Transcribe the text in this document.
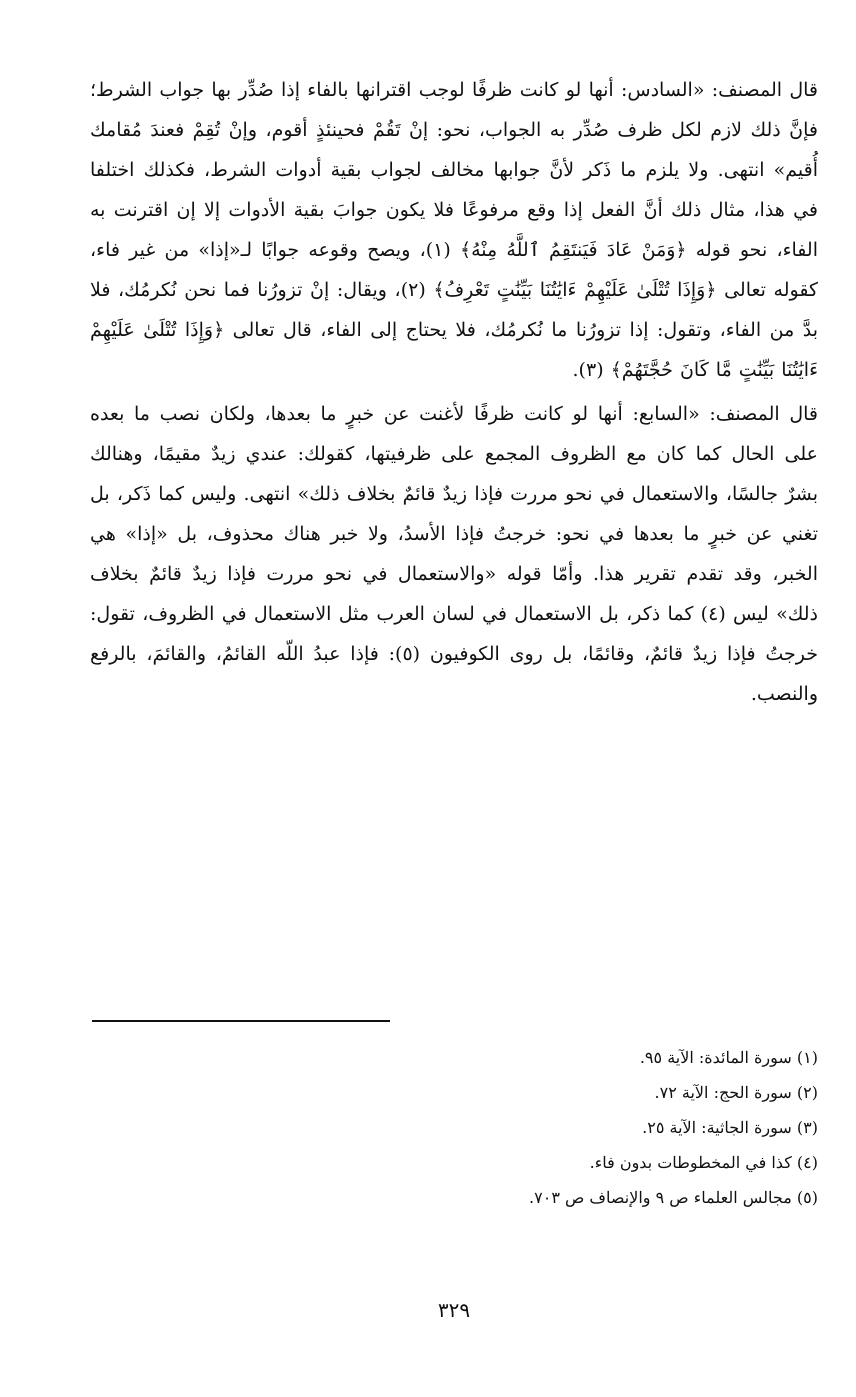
قال المصنف: «السادس: أنها لو كانت ظرفًا لوجب اقترانها بالفاء إذا صُدِّر بها جواب الشرط؛ فإنَّ ذلك لازم لكل ظرف صُدِّر به الجواب، نحو: إنْ تَقُمْ فحينئذٍ أقوم، وإنْ تُقِمْ فعندَ مُقامك أُقيم» انتهى. ولا يلزم ما ذَكر لأنَّ جوابها مخالف لجواب بقية أدوات الشرط، فكذلك اختلفا في هذا، مثال ذلك أنَّ الفعل إذا وقع مرفوعًا فلا يكون جوابَ بقية الأدوات إلا إن اقترنت به الفاء، نحو قوله ﴿وَمَنْ عَادَ فَيَنتَقِمُ ٱللَّهُ مِنْهُ﴾ (١)، ويصح وقوعه جوابًا لـ«إذا» من غير فاء، كقوله تعالى ﴿وَإِذَا تُتْلَىٰ عَلَيْهِمْ ءَايَٰتُنَا بَيِّنَٰتٍ تَعْرِفُ﴾ (٢)، ويقال: إنْ تزورُنا فما نحن نُكرمُك، فلا بدَّ من الفاء، وتقول: إذا تزورُنا ما نُكرمُك، فلا يحتاج إلى الفاء، قال تعالى ﴿وَإِذَا تُتْلَىٰ عَلَيْهِمْ ءَايَٰتُنَا بَيِّنَٰتٍ مَّا كَانَ حُجَّتَهُمْ﴾ (٣).

قال المصنف: «السابع: أنها لو كانت ظرفًا لأغنت عن خبرٍ ما بعدها، ولكان نصب ما بعده على الحال كما كان مع الظروف المجمع على ظرفيتها، كقولك: عندي زيدٌ مقيمًا، وهنالك بشرٌ جالسًا، والاستعمال في نحو مررت فإذا زيدٌ قائمٌ بخلاف ذلك» انتهى. وليس كما ذَكر، بل تغني عن خبرٍ ما بعدها في نحو: خرجتُ فإذا الأسدُ، ولا خبر هناك محذوف، بل «إذا» هي الخبر، وقد تقدم تقرير هذا. وأمّا قوله «والاستعمال في نحو مررت فإذا زيدٌ قائمٌ بخلاف ذلك» ليس (٤) كما ذكر، بل الاستعمال في لسان العرب مثل الاستعمال في الظروف، تقول: خرجتُ فإذا زيدٌ قائمٌ، وقائمًا، بل روى الكوفيون (٥): فإذا عبدُ اللّه القائمُ، والقائمَ، بالرفع والنصب.

(١) سورة المائدة: الآية ٩٥.
(٢) سورة الحج: الآية ٧٢.
(٣) سورة الجاثية: الآية ٢٥.
(٤) كذا في المخطوطات بدون فاء.
(٥) مجالس العلماء ص ٩ والإنصاف ص ٧٠٣.
٣٢٩
